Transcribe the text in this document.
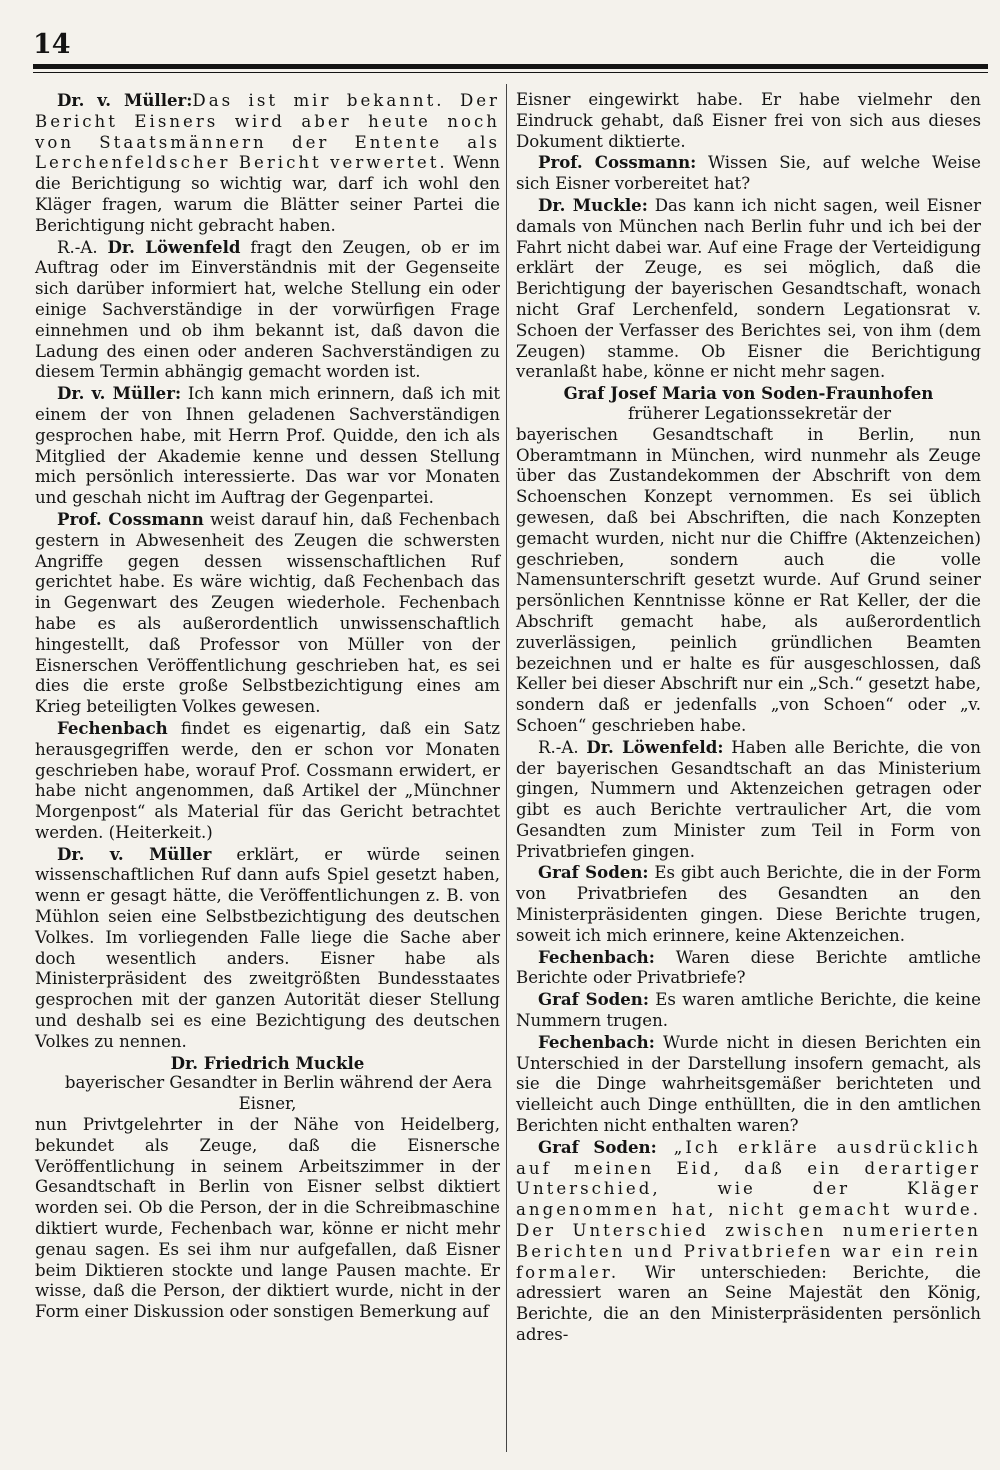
14

Dr. v. Müller:Das ist mir bekannt. Der Bericht Eisners wird aber heute noch von Staatsmännern der Entente als Lerchenfeldscher Bericht verwertet. Wenn die Berichtigung so wichtig war, darf ich wohl den Kläger fragen, warum die Blätter seiner Partei die Berichtigung nicht gebracht haben.

R.-A. Dr. Löwenfeld fragt den Zeugen, ob er im Auftrag oder im Einverständnis mit der Gegenseite sich darüber informiert hat, welche Stellung ein oder einige Sachverständige in der vorwürfigen Frage einnehmen und ob ihm bekannt ist, daß davon die Ladung des einen oder anderen Sachverständigen zu diesem Termin abhängig gemacht worden ist.

Dr. v. Müller: Ich kann mich erinnern, daß ich mit einem der von Ihnen geladenen Sachverständigen gesprochen habe, mit Herrn Prof. Quidde, den ich als Mitglied der Akademie kenne und dessen Stellung mich persönlich interessierte. Das war vor Monaten und geschah nicht im Auftrag der Gegenpartei.

Prof. Cossmann weist darauf hin, daß Fechenbach gestern in Abwesenheit des Zeugen die schwersten Angriffe gegen dessen wissenschaftlichen Ruf gerichtet habe. Es wäre wichtig, daß Fechenbach das in Gegenwart des Zeugen wiederhole. Fechenbach habe es als außerordentlich unwissenschaftlich hingestellt, daß Professor von Müller von der Eisnerschen Veröffentlichung geschrieben hat, es sei dies die erste große Selbstbezichtigung eines am Krieg beteiligten Volkes gewesen.

Fechenbach findet es eigenartig, daß ein Satz herausgegriffen werde, den er schon vor Monaten geschrieben habe, worauf Prof. Cossmann erwidert, er habe nicht angenommen, daß Artikel der „Münchner Morgenpost“ als Material für das Gericht betrachtet werden. (Heiterkeit.)

Dr. v. Müller erklärt, er würde seinen wissenschaftlichen Ruf dann aufs Spiel gesetzt haben, wenn er gesagt hätte, die Veröffentlichungen z. B. von Mühlon seien eine Selbstbezichtigung des deutschen Volkes. Im vorliegenden Falle liege die Sache aber doch wesentlich anders. Eisner habe als Ministerpräsident des zweitgrößten Bundesstaates gesprochen mit der ganzen Autorität dieser Stellung und deshalb sei es eine Bezichtigung des deutschen Volkes zu nennen.

Dr. Friedrich Muckle

bayerischer Gesandter in Berlin während der Aera Eisner,

nun Privtgelehrter in der Nähe von Heidelberg, bekundet als Zeuge, daß die Eisnersche Veröffentlichung in seinem Arbeitszimmer in der Gesandtschaft in Berlin von Eisner selbst diktiert worden sei. Ob die Person, der in die Schreibmaschine diktiert wurde, Fechenbach war, könne er nicht mehr genau sagen. Es sei ihm nur aufgefallen, daß Eisner beim Diktieren stockte und lange Pausen machte. Er wisse, daß die Person, der diktiert wurde, nicht in der Form einer Diskussion oder sonstigen Bemerkung auf

Eisner eingewirkt habe. Er habe vielmehr den Eindruck gehabt, daß Eisner frei von sich aus dieses Dokument diktierte.

Prof. Cossmann: Wissen Sie, auf welche Weise sich Eisner vorbereitet hat?

Dr. Muckle: Das kann ich nicht sagen, weil Eisner damals von München nach Berlin fuhr und ich bei der Fahrt nicht dabei war. Auf eine Frage der Verteidigung erklärt der Zeuge, es sei möglich, daß die Berichtigung der bayerischen Gesandtschaft, wonach nicht Graf Lerchenfeld, sondern Legationsrat v. Schoen der Verfasser des Berichtes sei, von ihm (dem Zeugen) stamme. Ob Eisner die Berichtigung veranlaßt habe, könne er nicht mehr sagen.

Graf Josef Maria von Soden-Fraunhofen

früherer Legationssekretär der

bayerischen Gesandtschaft in Berlin, nun Oberamtmann in München, wird nunmehr als Zeuge über das Zustandekommen der Abschrift von dem Schoenschen Konzept vernommen. Es sei üblich gewesen, daß bei Abschriften, die nach Konzepten gemacht wurden, nicht nur die Chiffre (Aktenzeichen) geschrieben, sondern auch die volle Namensunterschrift gesetzt wurde. Auf Grund seiner persönlichen Kenntnisse könne er Rat Keller, der die Abschrift gemacht habe, als außerordentlich zuverlässigen, peinlich gründlichen Beamten bezeichnen und er halte es für ausgeschlossen, daß Keller bei dieser Abschrift nur ein „Sch.“ gesetzt habe, sondern daß er jedenfalls „von Schoen“ oder „v. Schoen“ geschrieben habe.

R.-A. Dr. Löwenfeld: Haben alle Berichte, die von der bayerischen Gesandtschaft an das Ministerium gingen, Nummern und Aktenzeichen getragen oder gibt es auch Berichte vertraulicher Art, die vom Gesandten zum Minister zum Teil in Form von Privatbriefen gingen.

Graf Soden: Es gibt auch Berichte, die in der Form von Privatbriefen des Gesandten an den Ministerpräsidenten gingen. Diese Berichte trugen, soweit ich mich erinnere, keine Aktenzeichen.

Fechenbach: Waren diese Berichte amtliche Berichte oder Privatbriefe?

Graf Soden: Es waren amtliche Berichte, die keine Nummern trugen.

Fechenbach: Wurde nicht in diesen Berichten ein Unterschied in der Darstellung insofern gemacht, als sie die Dinge wahrheitsgemäßer berichteten und vielleicht auch Dinge enthüllten, die in den amtlichen Berichten nicht enthalten waren?

Graf Soden: „Ich erkläre ausdrücklich auf meinen Eid, daß ein derartiger Unterschied, wie der Kläger angenommen hat, nicht gemacht wurde. Der Unterschied zwischen numerierten Berichten und Privatbriefen war ein rein formaler. Wir unterschieden: Berichte, die adressiert waren an Seine Majestät den König, Berichte, die an den Ministerpräsidenten persönlich adres-
